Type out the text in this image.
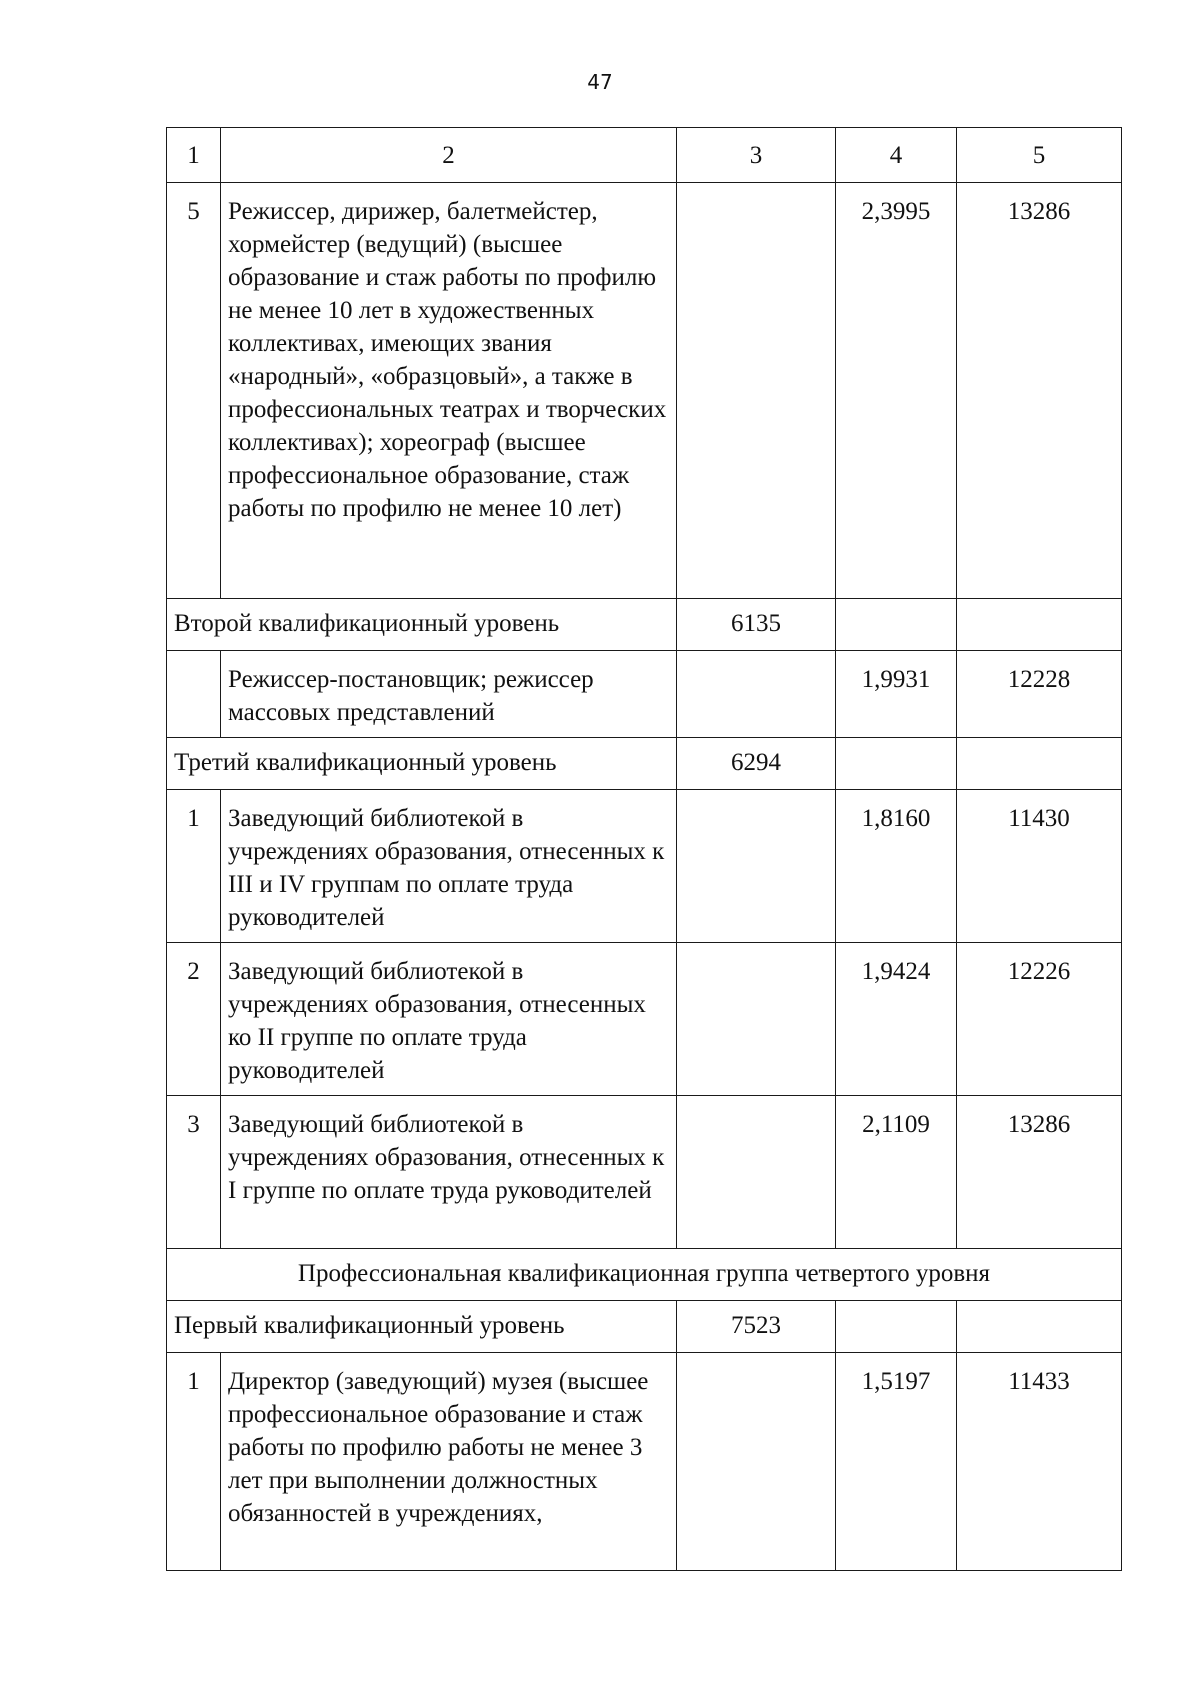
47
1	2	3	4	5
5	Режиссер, дирижер, балетмейстер, хормейстер (ведущий) (высшее образование и стаж работы по профилю не менее 10 лет в художественных коллективах, имеющих звания «народный», «образцовый», а также в профессиональных театрах и творческих коллективах); хореограф (высшее профессиональное образование, стаж работы по профилю не менее 10 лет)		2,3995	13286
Второй квалификационный уровень		6135		
	Режиссер-постановщик; режиссер массовых представлений		1,9931	12228
Третий квалификационный уровень		6294		
1	Заведующий библиотекой в учреждениях образования, отнесенных к III и IV группам по оплате труда руководителей		1,8160	11430
2	Заведующий библиотекой в учреждениях образования, отнесенных ко II группе по оплате труда руководителей		1,9424	12226
3	Заведующий библиотекой в учреждениях образования, отнесенных к I группе по оплате труда руководителей		2,1109	13286
Профессиональная квалификационная группа четвертого уровня				
Первый квалификационный уровень		7523		
1	Директор (заведующий) музея (высшее профессиональное образование и стаж работы по профилю работы не менее 3 лет при выполнении должностных обязанностей в учреждениях,		1,5197	11433
